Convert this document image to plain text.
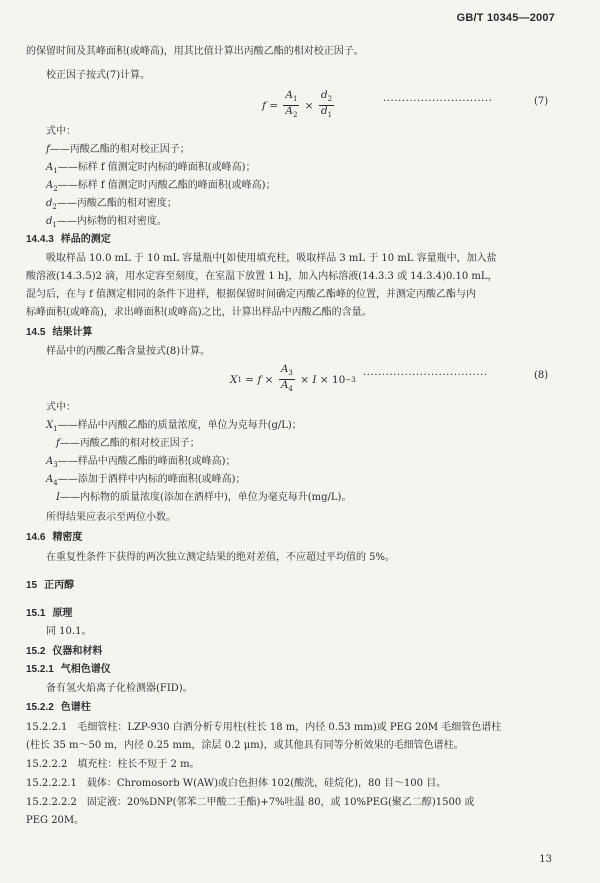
GB/T 10345—2007
的保留时间及其峰面积(或峰高)，用其比值计算出丙酸乙酯的相对校正因子。
校正因子按式(7)计算。
$f = \frac{A_1}{A_2} \times \frac{d_2}{d_1}$	·····························	(7)
式中：
f——丙酸乙酯的相对校正因子；
$A_1——$标样 f 值测定时内标的峰面积(或峰高)；
$A_2——$标样 f 值测定时丙酸乙酯的峰面积(或峰高)；
$d_2——$丙酸乙酯的相对密度；
$d_1——$内标物的相对密度。
14.4.3 样品的测定
吸取样品 10.0 mL 于 10 mL 容量瓶中[如使用填充柱，吸取样品 3 mL 于 10 mL 容量瓶中，加入盐
酸溶液(14.3.5)2 滴，用水定容至刻度，在室温下放置 1 h]，加入内标溶液(14.3.3 或 14.3.4)0.10 mL，
混匀后，在与 f 值测定相同的条件下进样，根据保留时间确定丙酸乙酯峰的位置，并测定丙酸乙酯与内
标峰面积(或峰高)，求出峰面积(或峰高)之比，计算出样品中丙酸乙酯的含量。
14.5 结果计算
样品中的丙酸乙酯含量按式(8)计算。
X $1 = f \times \frac{A_3}{A_4} \times I \times 10 -3$ ·································	(8)
式中：
$X_1——$样品中丙酸乙酯的质量浓度，单位为克每升(g/L)；
f——丙酸乙酯的相对校正因子；
$A_3——$样品中丙酸乙酯的峰面积(或峰高)；
$A_4——$添加于酒样中内标的峰面积(或峰高)；
I——内标物的质量浓度(添加在酒样中)，单位为毫克每升(mg/L)。
所得结果应表示至两位小数。
14.6 精密度
在重复性条件下获得的两次独立测定结果的绝对差值，不应超过平均值的 5%。
15 正丙醇
15.1 原理
同 10.1。
15.2 仪器和材料
15.2.1 气相色谱仪
备有氢火焰离子化检测器(FID)。
15.2.2 色谱柱
15.2.2.1　毛细管柱：LZP-930 白酒分析专用柱(柱长 18 m，内径 0.53 mm)或 PEG 20M 毛细管色谱柱
(柱长 35 m～50 m，内径 0.25 mm，涂层 0.2 μm)，或其他具有同等分析效果的毛细管色谱柱。
15.2.2.2　填充柱：柱长不短于 2 m。
15.2.2.2.1　载体：Chromosorb W(AW)或白色担体 102(酸洗，硅烷化)，80 目～100 目。
15.2.2.2.2　固定液：20%DNP(邻苯二甲酸二壬酯)+7%吐温 80，或 10%PEG(聚乙二醇)1500 或
PEG 20M。
13
